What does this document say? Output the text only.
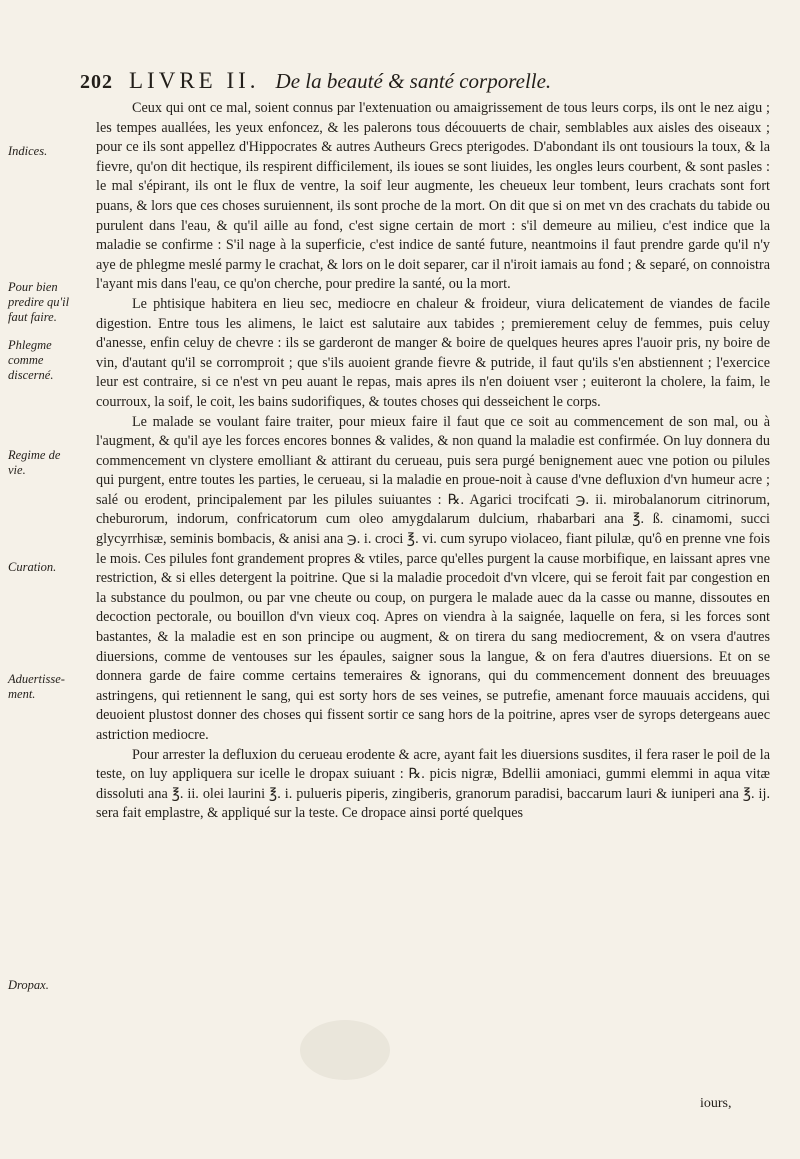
202 LIVRE II. De la beauté & santé corporelle.
Indices.
Pour bien predire qu'il faut faire.
Phlegme comme discerné.
Regime de vie.
Curation.
Aduertisse-ment.
Dropax.

Ceux qui ont ce mal, soient connus par l'extenuation ou amaigrissement de tous leurs corps, ils ont le nez aigu ; les tempes auallées, les yeux enfoncez, & les palerons tous découuerts de chair, semblables aux aisles des oiseaux ; pour ce ils sont appellez d'Hippocrates & autres Autheurs Grecs pterigodes. D'abondant ils ont tousiours la toux, & la fievre, qu'on dit hectique, ils respirent difficilement, ils ioues se sont liuides, les ongles leurs courbent, & sont pasles : le mal s'épirant, ils ont le flux de ventre, la soif leur augmente, les cheueux leur tombent, leurs crachats sont fort puans, & lors que ces choses suruiennent, ils sont proche de la mort. On dit que si on met vn des crachats du tabide ou purulent dans l'eau, & qu'il aille au fond, c'est signe certain de mort : s'il demeure au milieu, c'est indice que la maladie se confirme : S'il nage à la superficie, c'est indice de santé future, neantmoins il faut prendre garde qu'il n'y aye de phlegme meslé parmy le crachat, & lors on le doit separer, car il n'iroit iamais au fond ; & separé, on connoistra l'ayant mis dans l'eau, ce qu'on cherche, pour predire la santé, ou la mort.

Le phtisique habitera en lieu sec, mediocre en chaleur & froideur, viura delicatement de viandes de facile digestion. Entre tous les alimens, le laict est salutaire aux tabides ; premierement celuy de femmes, puis celuy d'anesse, enfin celuy de chevre : ils se garderont de manger & boire de quelques heures apres l'auoir pris, ny boire de vin, d'autant qu'il se corromproit ; que s'ils auoient grande fievre & putride, il faut qu'ils s'en abstiennent ; l'exercice leur est contraire, si ce n'est vn peu auant le repas, mais apres ils n'en doiuent vser ; euiteront la cholere, la faim, le courroux, la soif, le coit, les bains sudorifiques, & toutes choses qui desseichent le corps.

Le malade se voulant faire traiter, pour mieux faire il faut que ce soit au commencement de son mal, ou à l'augment, & qu'il aye les forces encores bonnes & valides, & non quand la maladie est confirmée. On luy donnera du commencement vn clystere emolliant & attirant du cerueau, puis sera purgé benignement auec vne potion ou pilules qui purgent, entre toutes les parties, le cerueau, si la maladie en proue-noit à cause d'vne defluxion d'vn humeur acre ; salé ou erodent, principalement par les pilules suiuantes : ℞. Agarici trocifcati ℈. ii. mirobalanorum citrinorum, cheburorum, indorum, confricatorum cum oleo amygdalarum dulcium, rhabarbari ana ℥. ß. cinamomi, succi glycyrrhisæ, seminis bombacis, & anisi ana ℈. i. croci ℥. vi. cum syrupo violaceo, fiant pilulæ, qu'ô en prenne vne fois le mois. Ces pilules font grandement propres & vtiles, parce qu'elles purgent la cause morbifique, en laissant apres vne restriction, & si elles detergent la poitrine. Que si la maladie procedoit d'vn vlcere, qui se feroit fait par congestion en la substance du poulmon, ou par vne cheute ou coup, on purgera le malade auec da la casse ou manne, dissoutes en decoction pectorale, ou bouillon d'vn vieux coq. Apres on viendra à la saignée, laquelle on fera, si les forces sont bastantes, & la maladie est en son principe ou augment, & on tirera du sang mediocrement, & on vsera d'autres diuersions, comme de ventouses sur les épaules, saigner sous la langue, & on fera d'autres diuersions. Et on se donnera garde de faire comme certains temeraires & ignorans, qui du commencement donnent des breuuages astringens, qui retiennent le sang, qui est sorty hors de ses veines, se putrefie, amenant force mauuais accidens, qui deuoient plustost donner des choses qui fissent sortir ce sang hors de la poitrine, apres vser de syrops detergeans auec astriction mediocre.

Pour arrester la defluxion du cerueau erodente & acre, ayant fait les diuersions susdites, il fera raser le poil de la teste, on luy appliquera sur icelle le dropax suiuant : ℞. picis nigræ, Bdellii amoniaci, gummi elemmi in aqua vitæ dissoluti ana ℥. ii. olei laurini ℥. i. pulueris piperis, zingiberis, granorum paradisi, baccarum lauri & iuniperi ana ℥. ij. sera fait emplastre, & appliqué sur la teste. Ce dropace ainsi porté quelques

iours,
